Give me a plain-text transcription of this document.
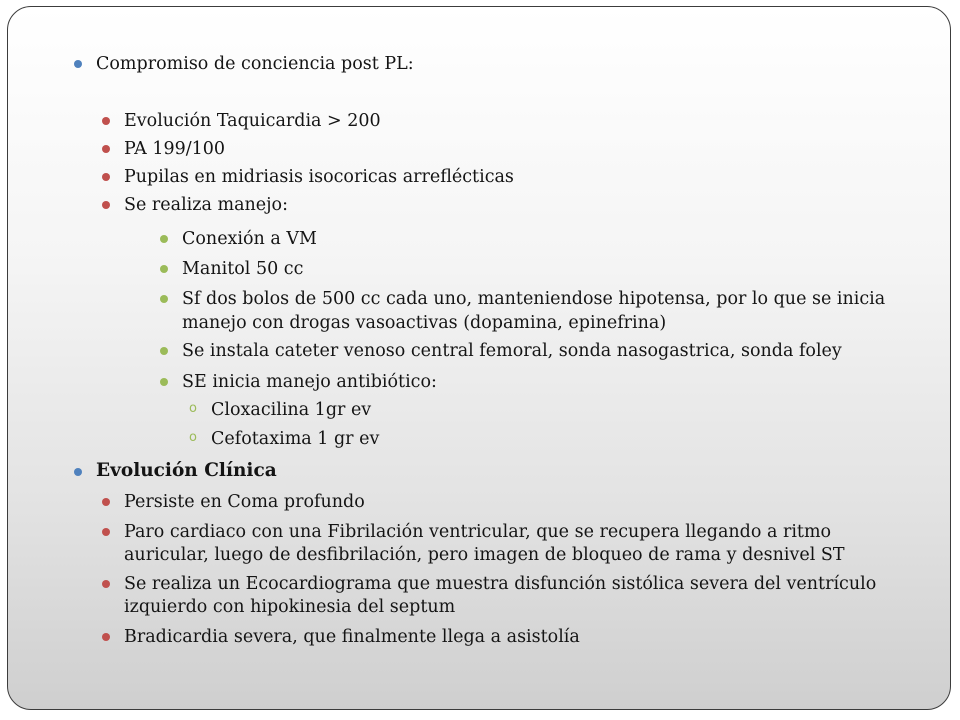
Compromiso de conciencia post PL:
Evolución Taquicardia > 200
PA 199/100
Pupilas en midriasis isocoricas arreflécticas
Se realiza manejo:
Conexión a VM
Manitol 50 cc
Sf dos bolos de 500 cc cada uno, manteniendose hipotensa, por lo que se inicia
manejo con drogas vasoactivas (dopamina, epinefrina)
Se instala cateter venoso central femoral, sonda nasogastrica, sonda foley
SE inicia manejo antibiótico:
o Cloxacilina 1gr ev
o Cefotaxima 1 gr ev
Evolución Clínica
Persiste en Coma profundo
Paro cardiaco con una Fibrilación ventricular, que se recupera llegando a ritmo
auricular, luego de desfibrilación, pero imagen de bloqueo de rama y desnivel ST
Se realiza un Ecocardiograma que muestra disfunción sistólica severa del ventrículo
izquierdo con hipokinesia del septum
Bradicardia severa, que finalmente llega a asistolía
